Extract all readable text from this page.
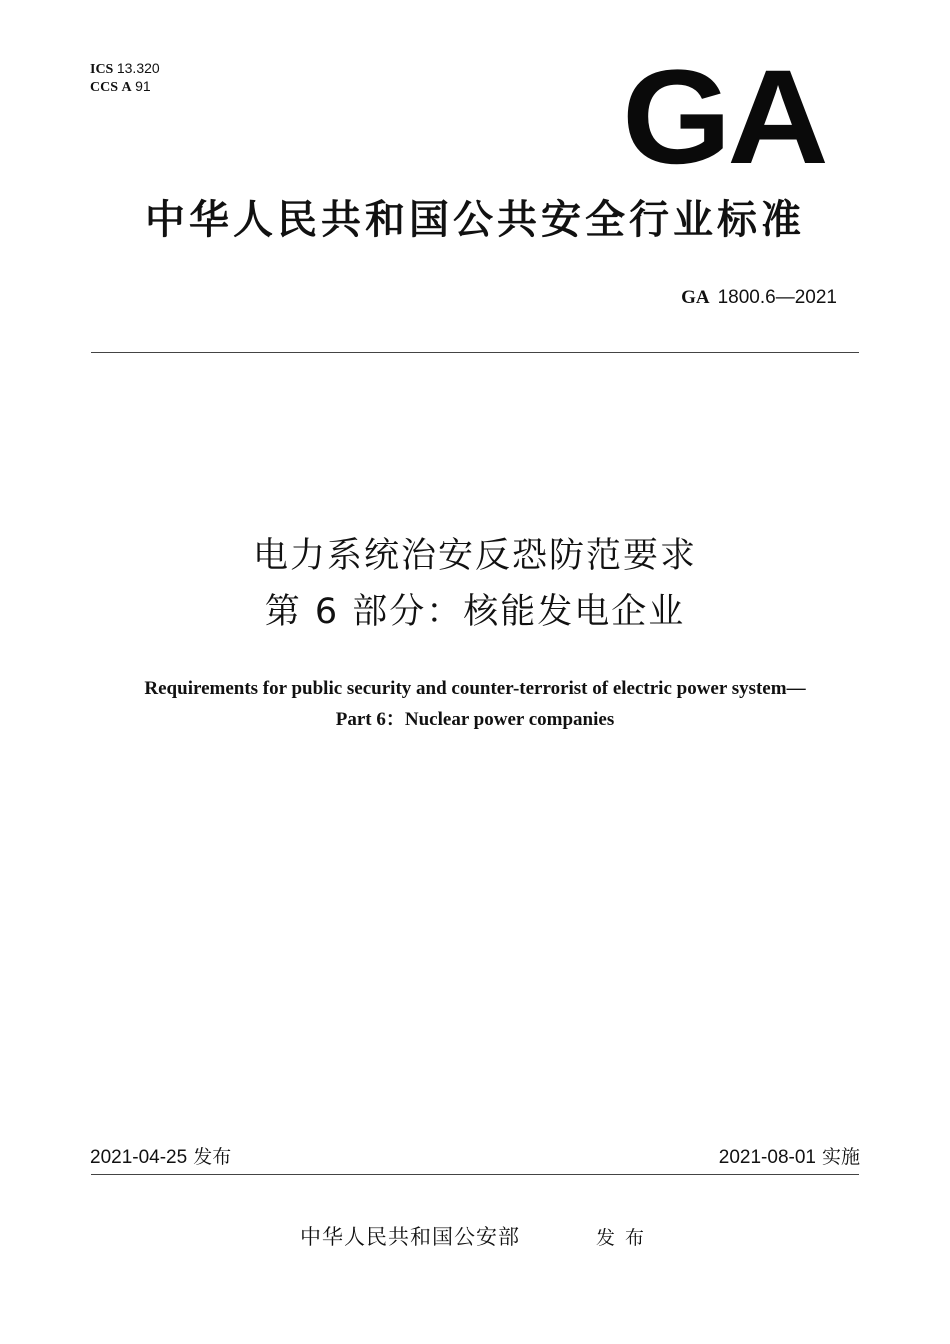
ICS 13.320
CCS A 91	GA
中华人民共和国公共安全行业标准
GA 1800.6—2021
电力系统治安反恐防范要求
第 6 部分：核能发电企业
Requirements for public security and counter-terrorist of electric power system—
Part 6：Nuclear power companies
2021-04-25 发布	2021-08-01 实施
中华人民共和国公安部	发布
